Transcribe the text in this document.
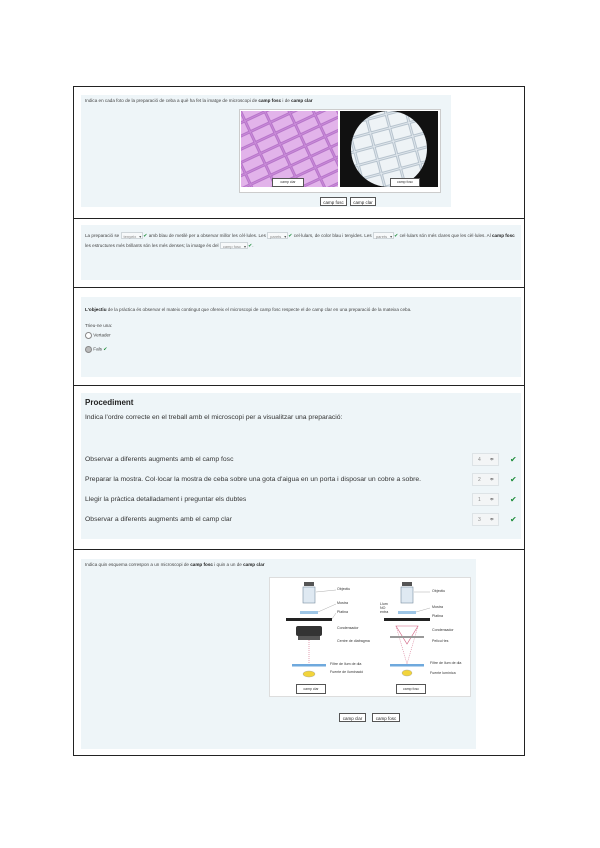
Indica en cada foto de la preparació de ceba a què ha fet la imatge de microscopi de camp fosc i de camp clar
camp clar	camp fosc
camp fosc	camp clar
La preparació se tenyeix ▾ ✔ amb blau de metilè per a observar millor les cèl·lules. Les parets ▾ ✔ cel·lulars, de color blau i tenyides. Les parets ▾ ✔ cel·lulars són més clares que les cèl·lules. Al camp fosc les estructures més brillants són les més denses; la imatge és del camp fosc ▾ ✔.
L'objectiu de la pràctica és observar el mateix contingut que ofereix el microscopi de camp fosc respecte el de camp clar en una preparació de la mateixa ceba.
Trieu-ne una:
Vertader
Fals ✔
Procediment
Indica l'ordre correcte en el treball amb el microscopi per a visualitzar una preparació:
Observar a diferents augments amb el camp fosc	4 ≑ ✔
Preparar la mostra. Col·locar la mostra de ceba sobre una gota d'aigua en un porta i disposar un cobre a sobre.	2 ≑ ✔
Llegir la pràctica detalladament i preguntar els dubtes	1 ≑ ✔
Observar a diferents augments amb el camp clar	3 ≑ ✔
Indica quin esquema correspon a un microscopi de camp fosc i quin a un de camp clar
Objectiu
Mostra
Platina
Condensador
Centre de diafragma
Filtre de llum de dia
Fuente de iluminació
Objectiu
Mostra
Platina
Condensador
Pelicul·les
Filtre de llum de dia
Fuente lumínica
Llum
NO
entra
camp clar	camp fosc
camp clar	camp fosc
